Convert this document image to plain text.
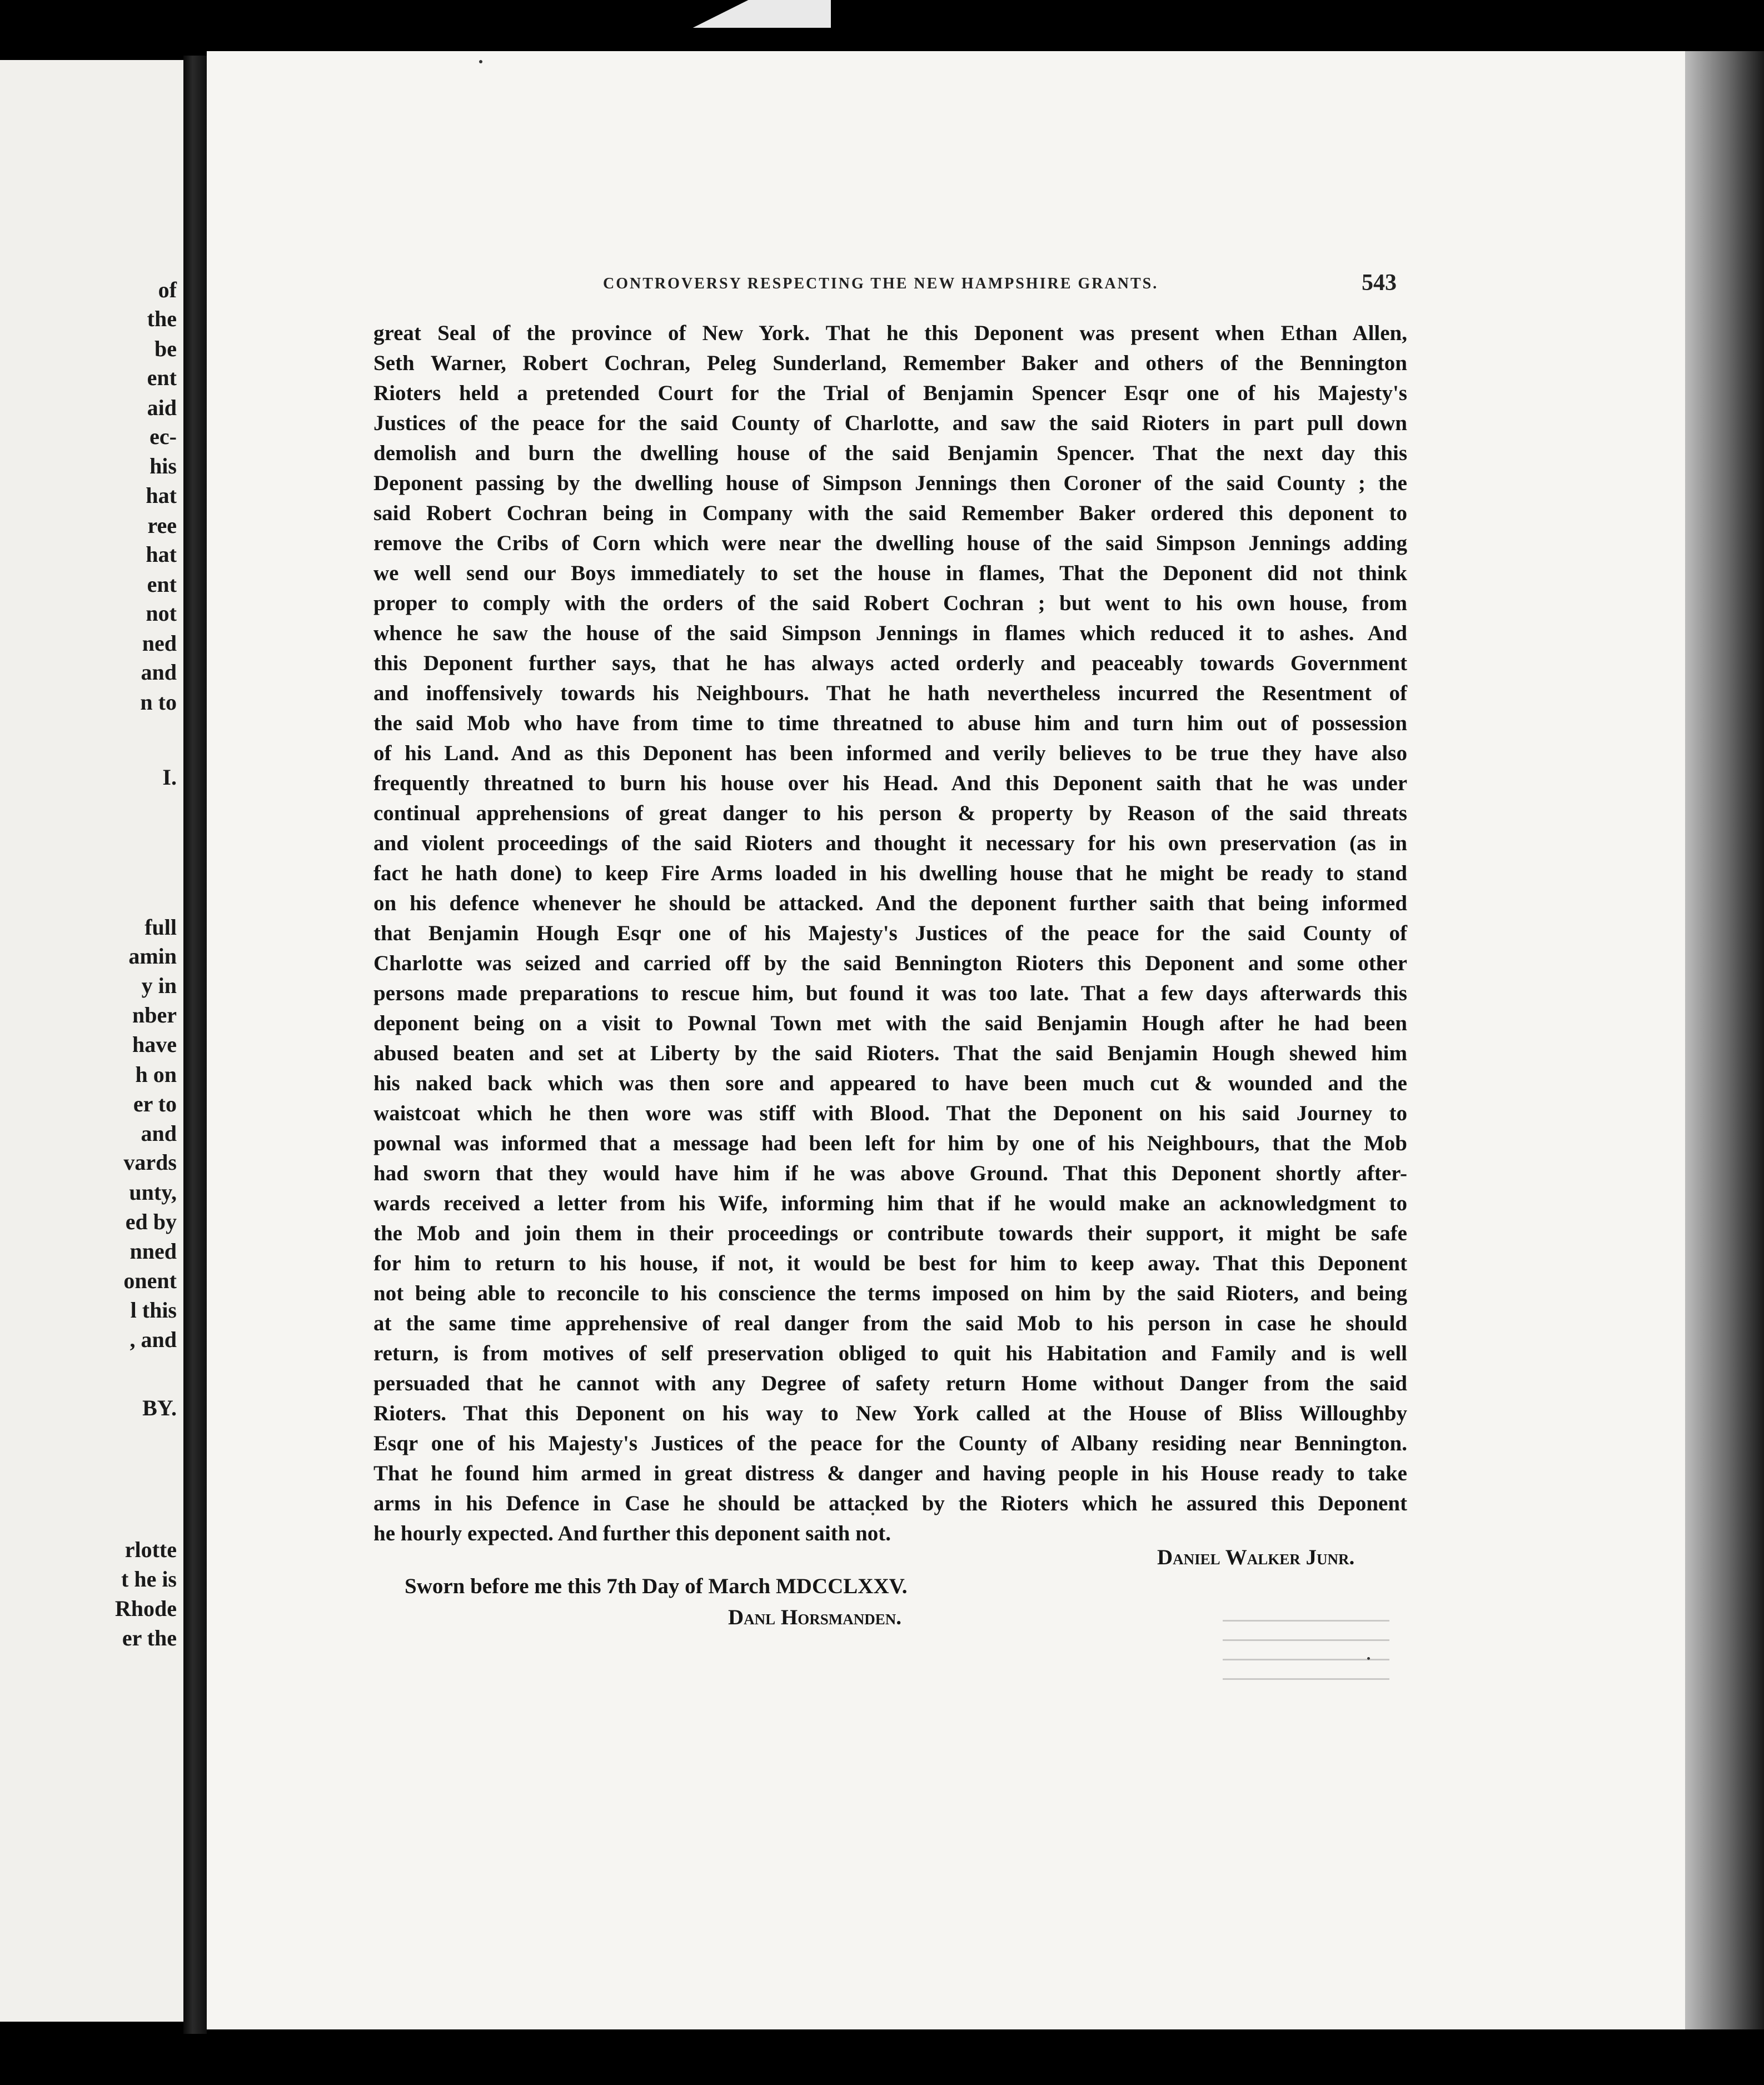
of
the
be
ent
aid
ec-
his
hat
ree
hat
ent
not
ned
and
n to
I.
full
amin
y in
nber
have
h on
er to
and
vards
unty,
ed by
nned
onent
l this
, and
BY.
rlotte
t he is
Rhode
er the
CONTROVERSY RESPECTING THE NEW HAMPSHIRE GRANTS.	543
great Seal of the province of New York. That he this Deponent was present when Ethan Allen,
Seth Warner, Robert Cochran, Peleg Sunderland, Remember Baker and others of the Bennington
Rioters held a pretended Court for the Trial of Benjamin Spencer Esqr one of his Majesty's
Justices of the peace for the said County of Charlotte, and saw the said Rioters in part pull down
demolish and burn the dwelling house of the said Benjamin Spencer. That the next day this
Deponent passing by the dwelling house of Simpson Jennings then Coroner of the said County ; the
said Robert Cochran being in Company with the said Remember Baker ordered this deponent to
remove the Cribs of Corn which were near the dwelling house of the said Simpson Jennings adding
we well send our Boys immediately to set the house in flames, That the Deponent did not think
proper to comply with the orders of the said Robert Cochran ; but went to his own house, from
whence he saw the house of the said Simpson Jennings in flames which reduced it to ashes. And
this Deponent further says, that he has always acted orderly and peaceably towards Government
and inoffensively towards his Neighbours. That he hath nevertheless incurred the Resentment of
the said Mob who have from time to time threatned to abuse him and turn him out of possession
of his Land. And as this Deponent has been informed and verily believes to be true they have also
frequently threatned to burn his house over his Head. And this Deponent saith that he was under
continual apprehensions of great danger to his person & property by Reason of the said threats
and violent proceedings of the said Rioters and thought it necessary for his own preservation (as in
fact he hath done) to keep Fire Arms loaded in his dwelling house that he might be ready to stand
on his defence whenever he should be attacked. And the deponent further saith that being informed
that Benjamin Hough Esqr one of his Majesty's Justices of the peace for the said County of
Charlotte was seized and carried off by the said Bennington Rioters this Deponent and some other
persons made preparations to rescue him, but found it was too late. That a few days afterwards this
deponent being on a visit to Pownal Town met with the said Benjamin Hough after he had been
abused beaten and set at Liberty by the said Rioters. That the said Benjamin Hough shewed him
his naked back which was then sore and appeared to have been much cut & wounded and the
waistcoat which he then wore was stiff with Blood. That the Deponent on his said Journey to
pownal was informed that a message had been left for him by one of his Neighbours, that the Mob
had sworn that they would have him if he was above Ground. That this Deponent shortly after-
wards received a letter from his Wife, informing him that if he would make an acknowledgment to
the Mob and join them in their proceedings or contribute towards their support, it might be safe
for him to return to his house, if not, it would be best for him to keep away. That this Deponent
not being able to reconcile to his conscience the terms imposed on him by the said Rioters, and being
at the same time apprehensive of real danger from the said Mob to his person in case he should
return, is from motives of self preservation obliged to quit his Habitation and Family and is well
persuaded that he cannot with any Degree of safety return Home without Danger from the said
Rioters. That this Deponent on his way to New York called at the House of Bliss Willoughby
Esqr one of his Majesty's Justices of the peace for the County of Albany residing near Bennington.
That he found him armed in great distress & danger and having people in his House ready to take
arms in his Defence in Case he should be attacked by the Rioters which he assured this Deponent
he hourly expected. And further this deponent saith not.
Daniel Walker Junr.
Sworn before me this 7th Day of March MDCCLXXV.
Danl Horsmanden.
